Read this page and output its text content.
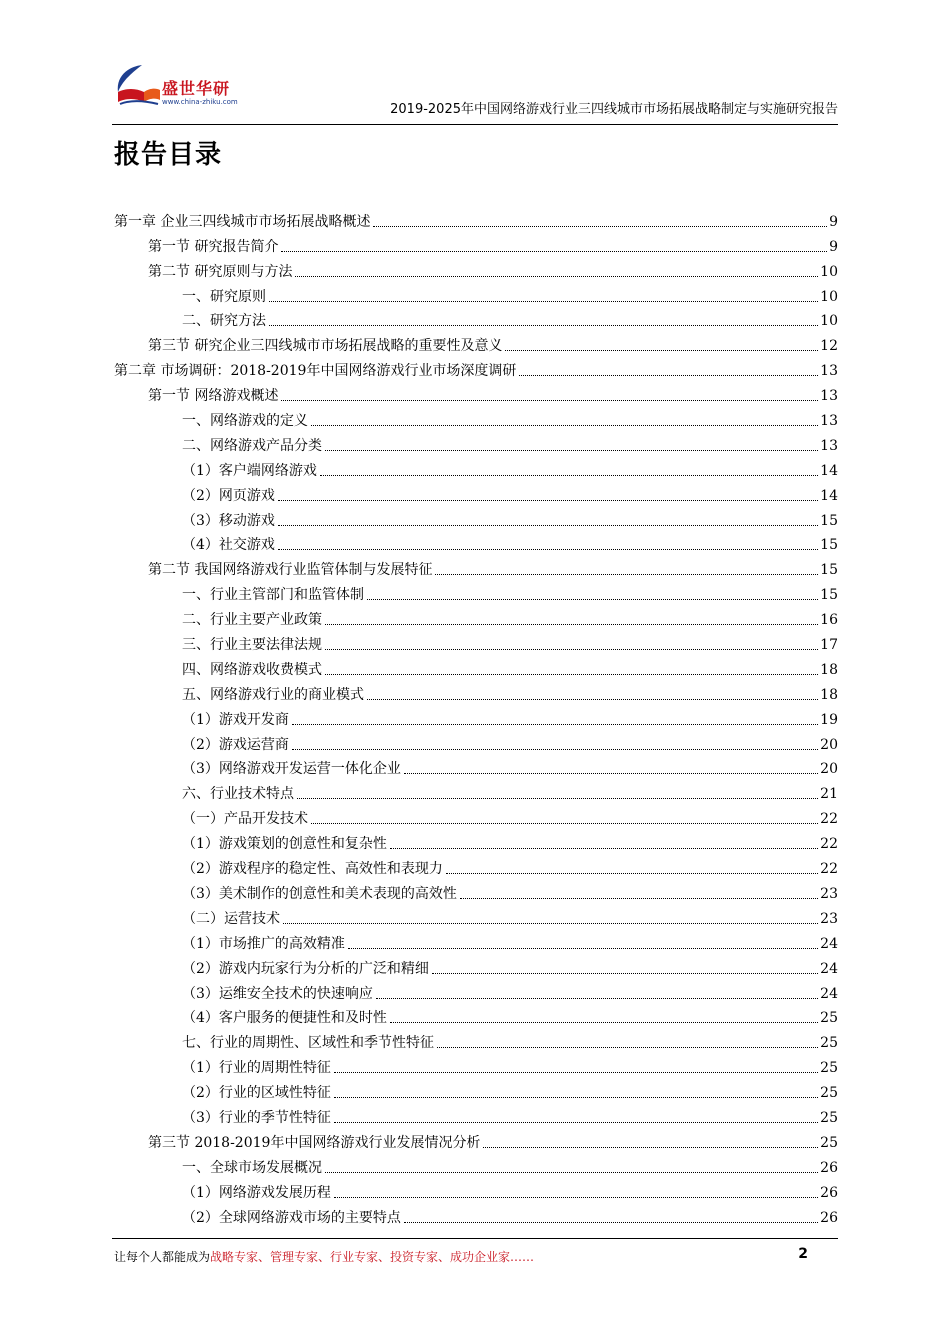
盛世华研
www.china-zhiku.com	2019-2025年中国网络游戏行业三四线城市市场拓展战略制定与实施研究报告
报告目录
第一章 企业三四线城市市场拓展战略概述	9
第一节 研究报告简介	9
第二节 研究原则与方法	10
一、研究原则	10
二、研究方法	10
第三节 研究企业三四线城市市场拓展战略的重要性及意义	12
第二章 市场调研：2018-2019年中国网络游戏行业市场深度调研	13
第一节 网络游戏概述	13
一、网络游戏的定义	13
二、网络游戏产品分类	13
（1）客户端网络游戏	14
（2）网页游戏	14
（3）移动游戏	15
（4）社交游戏	15
第二节 我国网络游戏行业监管体制与发展特征	15
一、行业主管部门和监管体制	15
二、行业主要产业政策	16
三、行业主要法律法规	17
四、网络游戏收费模式	18
五、网络游戏行业的商业模式	18
（1）游戏开发商	19
（2）游戏运营商	20
（3）网络游戏开发运营一体化企业	20
六、行业技术特点	21
（一）产品开发技术	22
（1）游戏策划的创意性和复杂性	22
（2）游戏程序的稳定性、高效性和表现力	22
（3）美术制作的创意性和美术表现的高效性	23
（二）运营技术	23
（1）市场推广的高效精准	24
（2）游戏内玩家行为分析的广泛和精细	24
（3）运维安全技术的快速响应	24
（4）客户服务的便捷性和及时性	25
七、行业的周期性、区域性和季节性特征	25
（1）行业的周期性特征	25
（2）行业的区域性特征	25
（3）行业的季节性特征	25
第三节 2018-2019年中国网络游戏行业发展情况分析	25
一、全球市场发展概况	26
（1）网络游戏发展历程	26
（2）全球网络游戏市场的主要特点	26
让每个人都能成为战略专家、管理专家、行业专家、投资专家、成功企业家……	2
